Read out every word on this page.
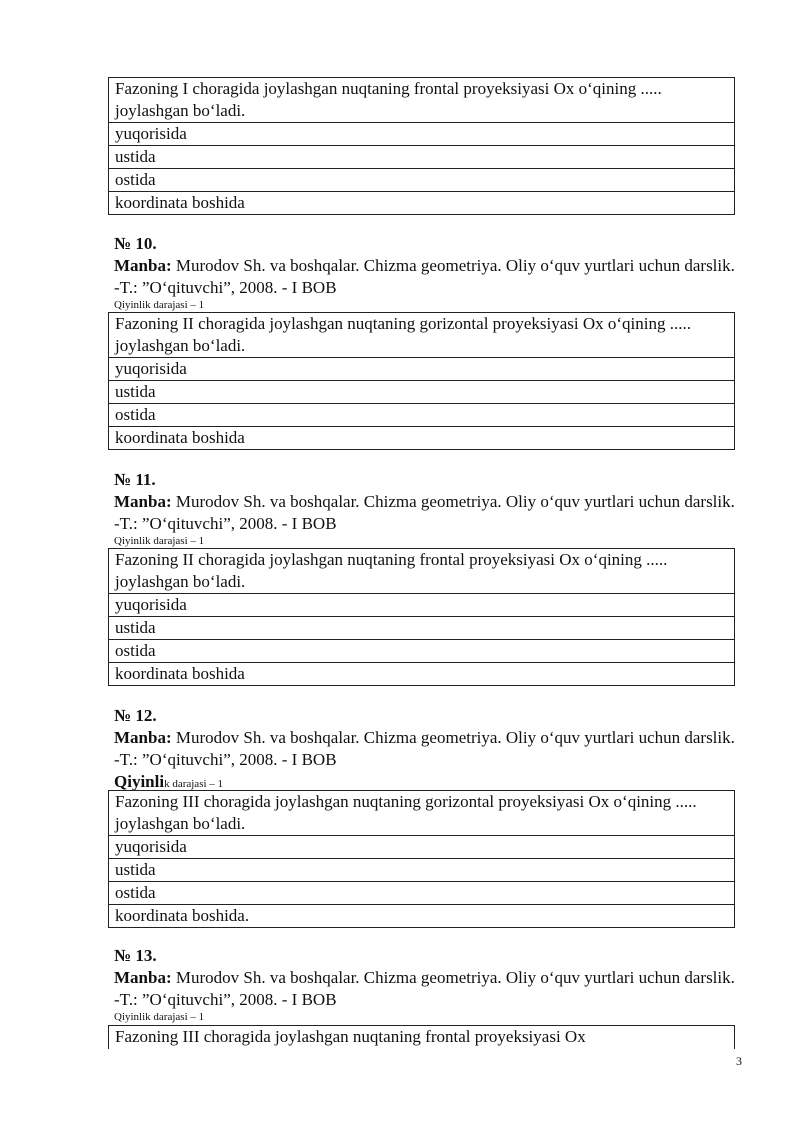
Fazoning I choragida joylashgan nuqtaning frontal proyeksiyasi Ox o‘qining ..... joylashgan bo‘ladi.
yuqorisida
ustida
ostida
koordinata boshida
№ 10.
Manba: Murodov Sh. va boshqalar. Chizma geometriya. Oliy o‘quv yurtlari uchun darslik. -T.: ”O‘qituvchi”, 2008. - I BOB
Qiyinlik darajasi – 1
Fazoning II choragida joylashgan nuqtaning gorizontal proyeksiyasi Ox o‘qining ..... joylashgan bo‘ladi.
yuqorisida
ustida
ostida
koordinata boshida
№ 11.
Manba: Murodov Sh. va boshqalar. Chizma geometriya. Oliy o‘quv yurtlari uchun darslik. -T.: ”O‘qituvchi”, 2008. - I BOB
Qiyinlik darajasi – 1
Fazoning II choragida joylashgan nuqtaning frontal proyeksiyasi Ox o‘qining ..... joylashgan bo‘ladi.
yuqorisida
ustida
ostida
koordinata boshida
№ 12.
Manba: Murodov Sh. va boshqalar. Chizma geometriya. Oliy o‘quv yurtlari uchun darslik. -T.: ”O‘qituvchi”, 2008. - I BOB
Qiyinlik darajasi – 1
Fazoning III choragida joylashgan nuqtaning gorizontal proyeksiyasi Ox o‘qining ..... joylashgan bo‘ladi.
yuqorisida
ustida
ostida
koordinata boshida.
№ 13.
Manba: Murodov Sh. va boshqalar. Chizma geometriya. Oliy o‘quv yurtlari uchun darslik. -T.: ”O‘qituvchi”, 2008. - I BOB
Qiyinlik darajasi – 1
Fazoning III choragida joylashgan nuqtaning frontal proyeksiyasi Ox
3
